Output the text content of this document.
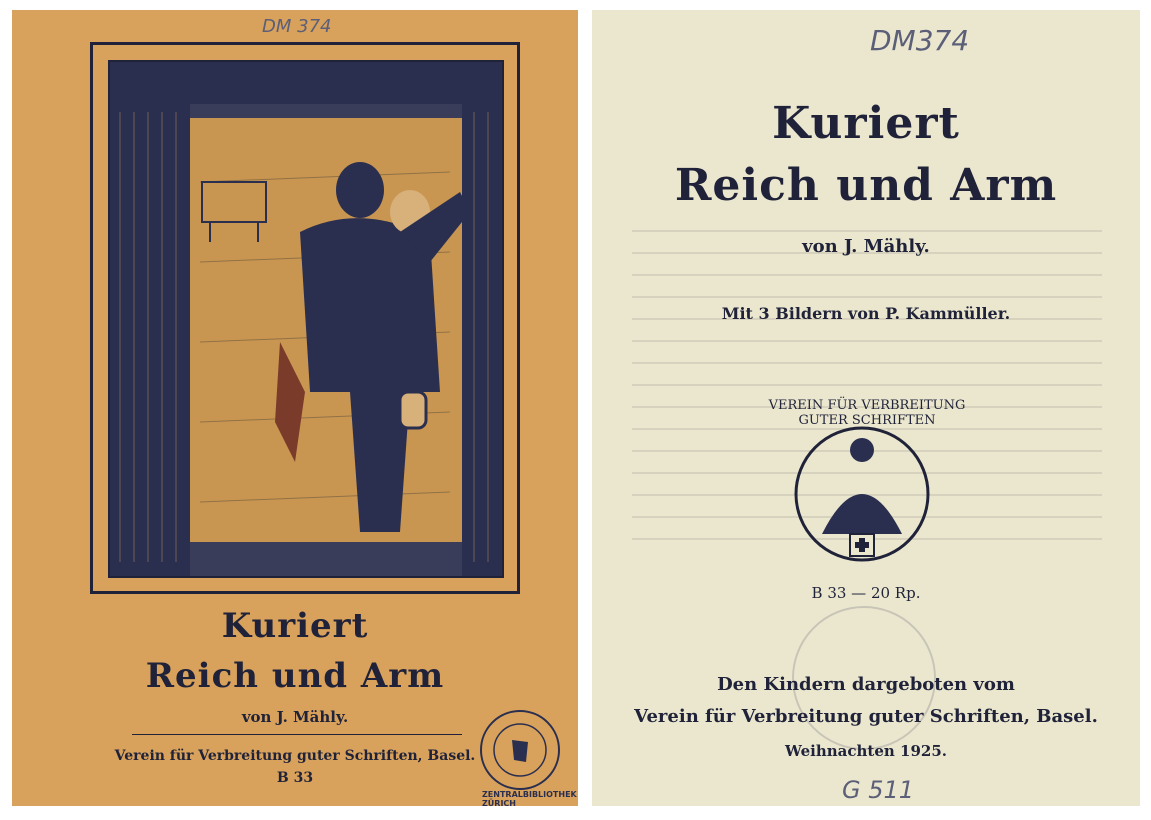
DM 374
Kuriert
Reich und Arm
von J. Mähly.
Verein für Verbreitung guter Schriften, Basel.
B 33
ZENTRALBIBLIOTHEK ZÜRICH
DM374
Kuriert
Reich und Arm
von J. Mähly.
Mit 3 Bildern von P. Kammüller.
VEREIN FÜR VERBREITUNG GUTER SCHRIFTEN
B 33 — 20 Rp.
Den Kindern dargeboten vom
Verein für Verbreitung guter Schriften, Basel.
Weihnachten 1925.
G 511
